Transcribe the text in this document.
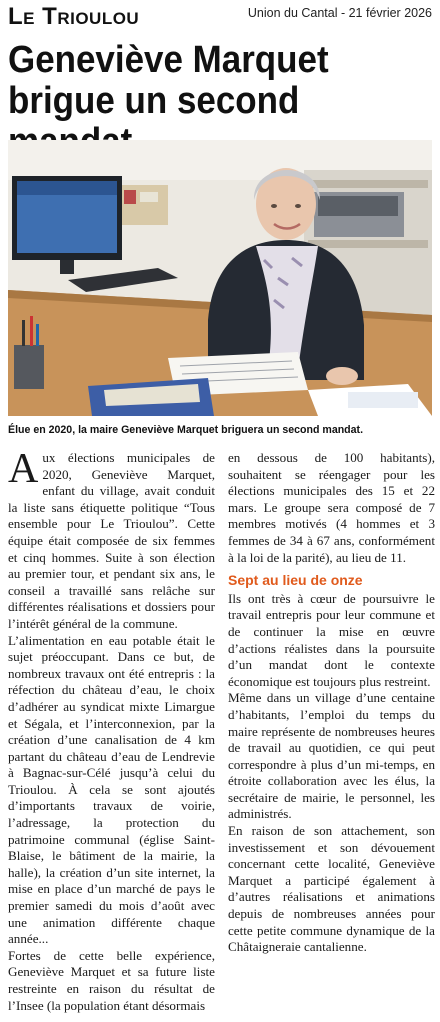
Le Trioulou	Union du Cantal - 21 février 2026
Geneviève Marquet
brigue un second
Élue en 2020, la maire Geneviève Marquet briguera un second mandat.

Aux élections municipales de 2020, Geneviève Marquet, enfant du village, avait conduit la liste sans étiquette politique “Tous ensemble pour Le Trioulou”. Cette équipe était composée de six femmes et cinq hommes. Suite à son élection au premier tour, et pendant six ans, le conseil a travaillé sans relâche sur différentes réalisations et dossiers pour l’intérêt général de la commune.

L’alimentation en eau potable était le sujet préoccupant. Dans ce but, de nombreux travaux ont été entrepris : la réfection du château d’eau, le choix d’adhérer au syndicat mixte Limargue et Ségala, et l’interconnexion, par la création d’une canalisation de 4 km partant du château d’eau de Lendrevie à Bagnac-sur-Célé jusqu’à celui du Trioulou. À cela se sont ajoutés d’importants travaux de voirie, l’adressage, la protection du patrimoine communal (église Saint-Blaise, le bâtiment de la mairie, la halle), la création d’un site internet, la mise en place d’un marché de pays le premier samedi du mois d’août avec une animation différente chaque année...

Fortes de cette belle expérience, Geneviève Marquet et sa future liste restreinte en raison du résultat de l’Insee (la population étant désormais

en dessous de 100 habitants), souhaitent se réengager pour les élections municipales des 15 et 22 mars. Le groupe sera composé de 7 membres motivés (4 hommes et 3 femmes de 34 à 67 ans, conformément à la loi de la parité), au lieu de 11.

Sept au lieu de onze

Ils ont très à cœur de poursuivre le travail entrepris pour leur commune et de continuer la mise en œuvre d’actions réalistes dans la poursuite d’un mandat dont le contexte économique est toujours plus restreint.

Même dans un village d’une centaine d’habitants, l’emploi du temps du maire représente de nombreuses heures de travail au quotidien, ce qui peut correspondre à plus d’un mi-temps, en étroite collaboration avec les élus, la secrétaire de mairie, le personnel, les administrés.

En raison de son attachement, son investissement et son dévouement concernant cette localité, Geneviève Marquet a participé également à d’autres réalisations et animations depuis de nombreuses années pour cette petite commune dynamique de la Châtaigneraie cantalienne.
